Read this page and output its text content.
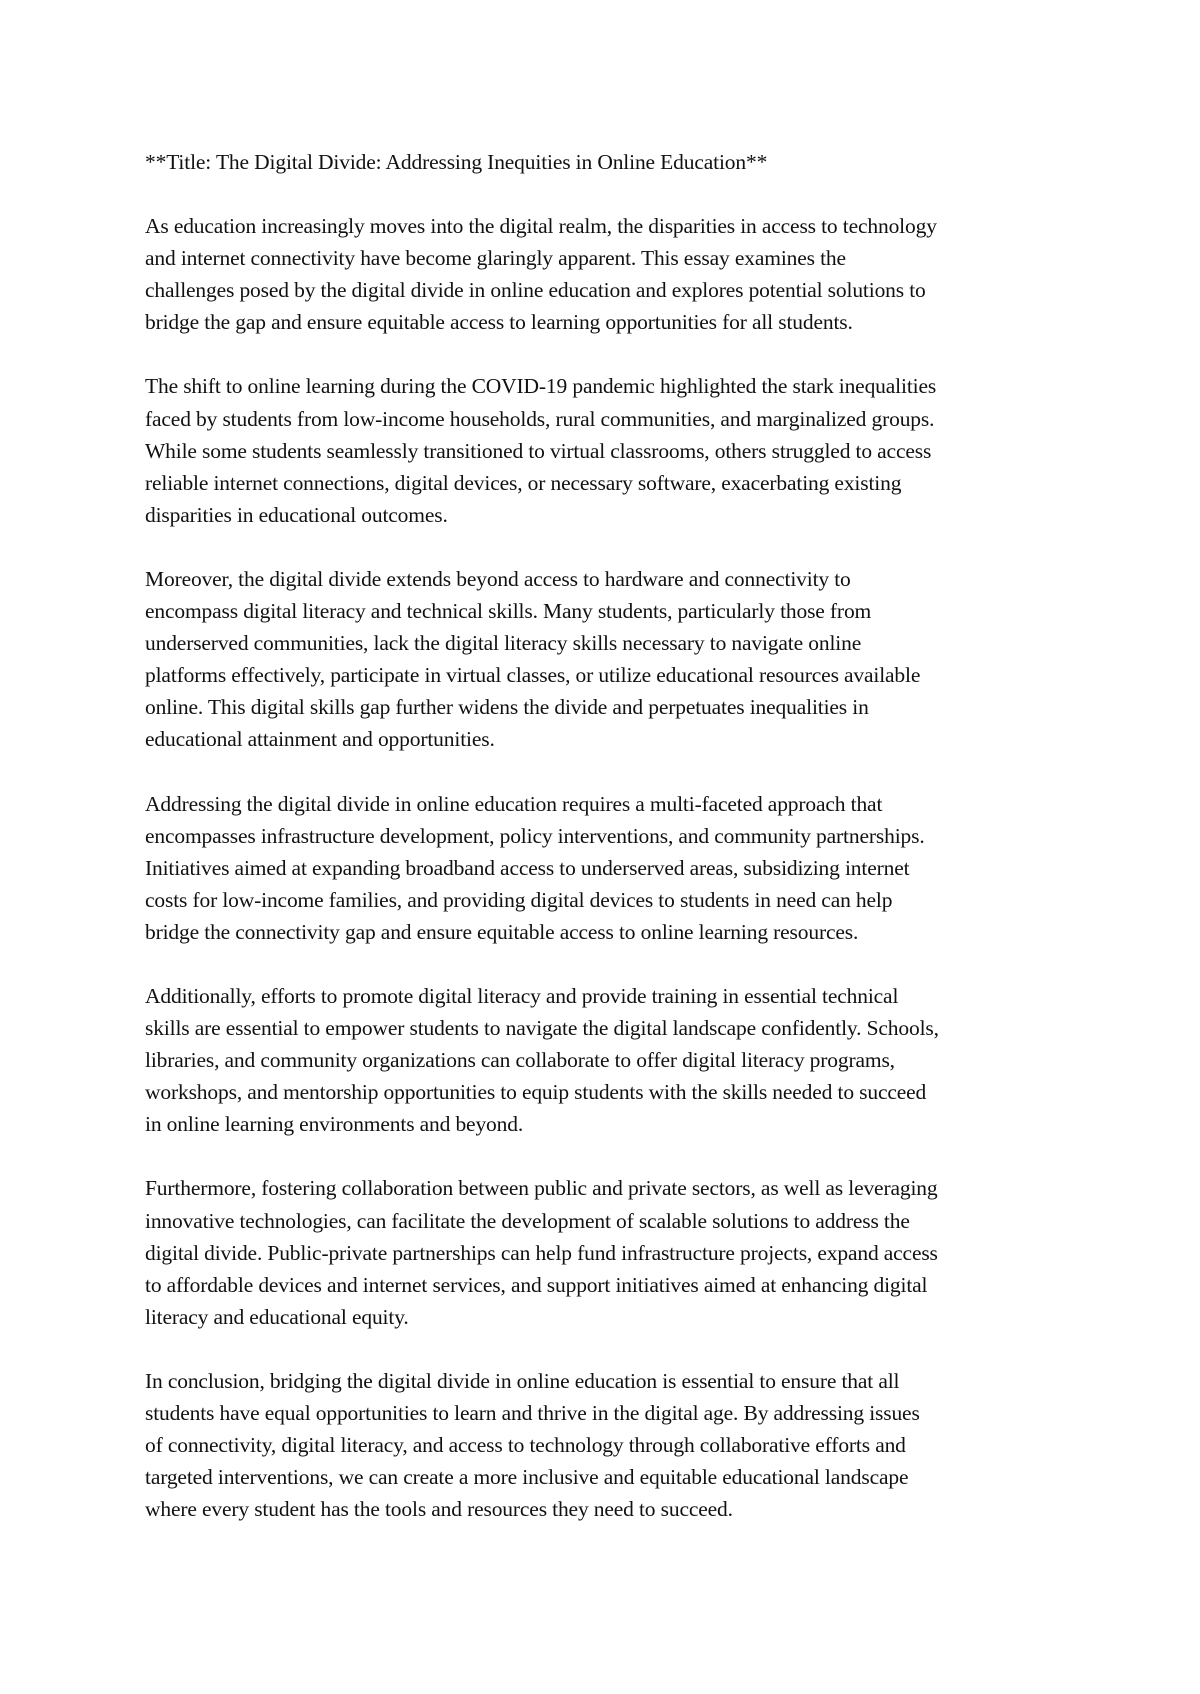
**Title: The Digital Divide: Addressing Inequities in Online Education**
As education increasingly moves into the digital realm, the disparities in access to technology
and internet connectivity have become glaringly apparent. This essay examines the
challenges posed by the digital divide in online education and explores potential solutions to
bridge the gap and ensure equitable access to learning opportunities for all students.
The shift to online learning during the COVID-19 pandemic highlighted the stark inequalities
faced by students from low-income households, rural communities, and marginalized groups.
While some students seamlessly transitioned to virtual classrooms, others struggled to access
reliable internet connections, digital devices, or necessary software, exacerbating existing
disparities in educational outcomes.
Moreover, the digital divide extends beyond access to hardware and connectivity to
encompass digital literacy and technical skills. Many students, particularly those from
underserved communities, lack the digital literacy skills necessary to navigate online
platforms effectively, participate in virtual classes, or utilize educational resources available
online. This digital skills gap further widens the divide and perpetuates inequalities in
educational attainment and opportunities.
Addressing the digital divide in online education requires a multi-faceted approach that
encompasses infrastructure development, policy interventions, and community partnerships.
Initiatives aimed at expanding broadband access to underserved areas, subsidizing internet
costs for low-income families, and providing digital devices to students in need can help
bridge the connectivity gap and ensure equitable access to online learning resources.
Additionally, efforts to promote digital literacy and provide training in essential technical
skills are essential to empower students to navigate the digital landscape confidently. Schools,
libraries, and community organizations can collaborate to offer digital literacy programs,
workshops, and mentorship opportunities to equip students with the skills needed to succeed
in online learning environments and beyond.
Furthermore, fostering collaboration between public and private sectors, as well as leveraging
innovative technologies, can facilitate the development of scalable solutions to address the
digital divide. Public-private partnerships can help fund infrastructure projects, expand access
to affordable devices and internet services, and support initiatives aimed at enhancing digital
literacy and educational equity.
In conclusion, bridging the digital divide in online education is essential to ensure that all
students have equal opportunities to learn and thrive in the digital age. By addressing issues
of connectivity, digital literacy, and access to technology through collaborative efforts and
targeted interventions, we can create a more inclusive and equitable educational landscape
where every student has the tools and resources they need to succeed.
